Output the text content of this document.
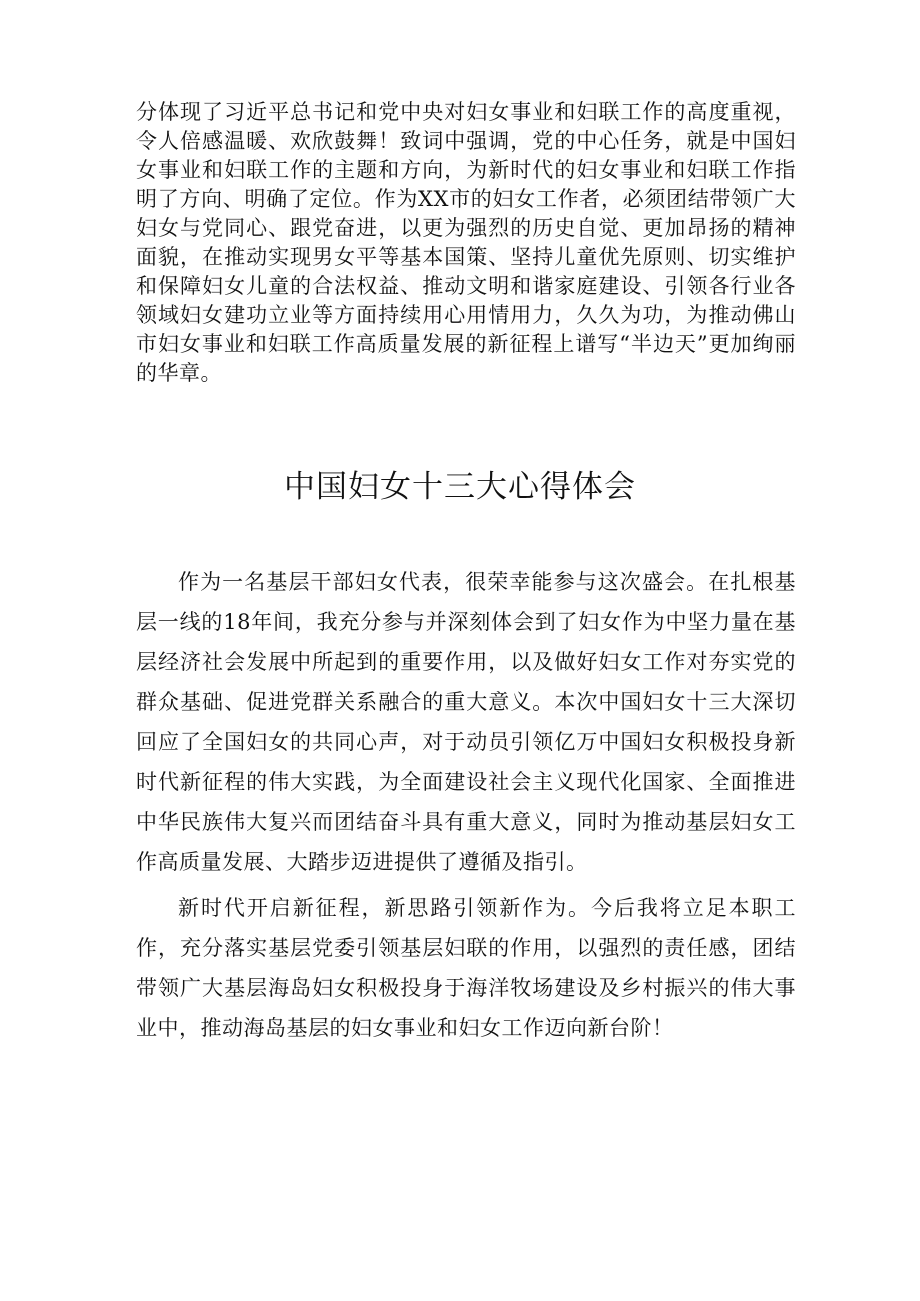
分体现了习近平总书记和党中央对妇女事业和妇联工作的高度重视，令人倍感温暖、欢欣鼓舞！致词中强调，党的中心任务，就是中国妇女事业和妇联工作的主题和方向，为新时代的妇女事业和妇联工作指明了方向、明确了定位。作为XX市的妇女工作者，必须团结带领广大妇女与党同心、跟党奋进，以更为强烈的历史自觉、更加昂扬的精神面貌，在推动实现男女平等基本国策、坚持儿童优先原则、切实维护和保障妇女儿童的合法权益、推动文明和谐家庭建设、引领各行业各领域妇女建功立业等方面持续用心用情用力，久久为功，为推动佛山市妇女事业和妇联工作高质量发展的新征程上谱写“半边天”更加绚丽的华章。

中国妇女十三大心得体会

作为一名基层干部妇女代表，很荣幸能参与这次盛会。在扎根基层一线的18年间，我充分参与并深刻体会到了妇女作为中坚力量在基层经济社会发展中所起到的重要作用，以及做好妇女工作对夯实党的群众基础、促进党群关系融合的重大意义。本次中国妇女十三大深切回应了全国妇女的共同心声，对于动员引领亿万中国妇女积极投身新时代新征程的伟大实践，为全面建设社会主义现代化国家、全面推进中华民族伟大复兴而团结奋斗具有重大意义，同时为推动基层妇女工作高质量发展、大踏步迈进提供了遵循及指引。

新时代开启新征程，新思路引领新作为。今后我将立足本职工作，充分落实基层党委引领基层妇联的作用，以强烈的责任感，团结带领广大基层海岛妇女积极投身于海洋牧场建设及乡村振兴的伟大事业中，推动海岛基层的妇女事业和妇女工作迈向新台阶！
